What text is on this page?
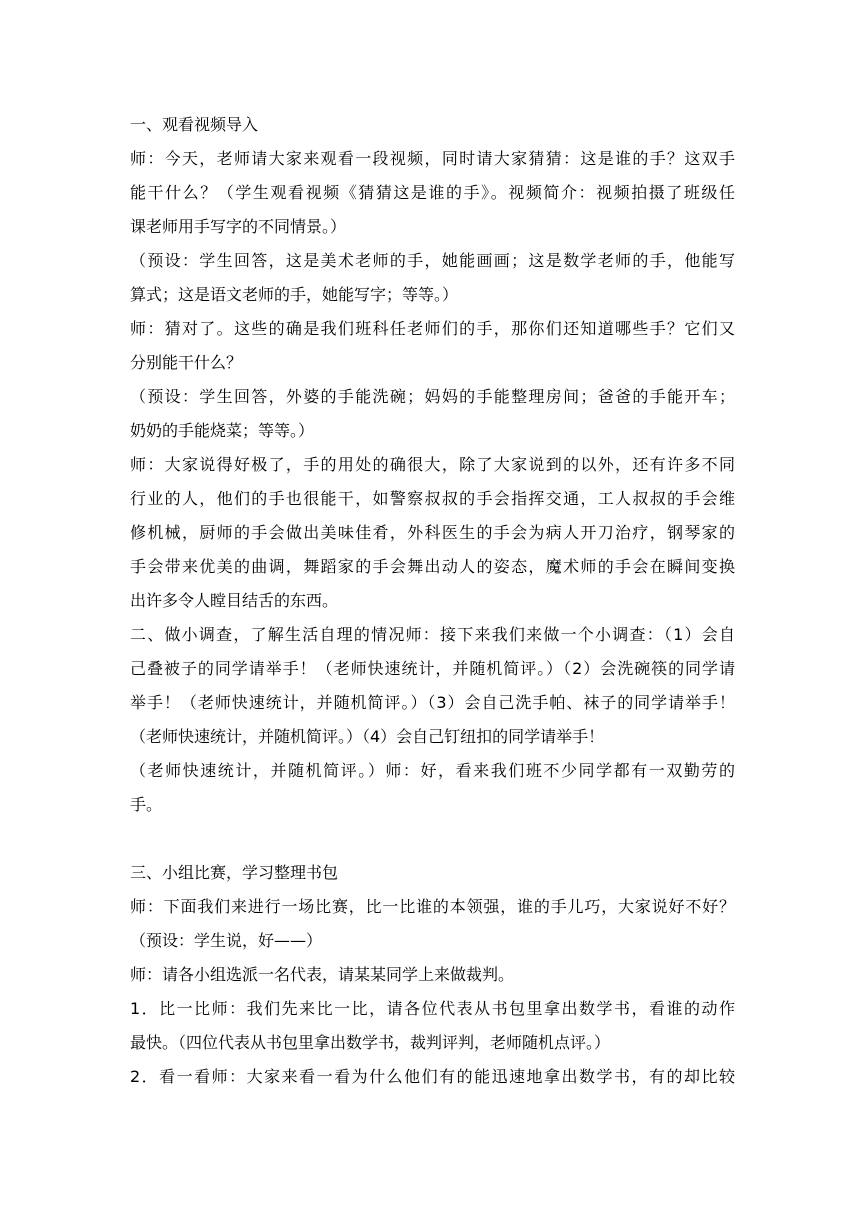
一、观看视频导入
师：今天，老师请大家来观看一段视频，同时请大家猜猜：这是谁的手？这双手
能干什么？（学生观看视频《猜猜这是谁的手》。视频简介：视频拍摄了班级任
课老师用手写字的不同情景。）
（预设：学生回答，这是美术老师的手，她能画画；这是数学老师的手，他能写
算式；这是语文老师的手，她能写字；等等。）
师：猜对了。这些的确是我们班科任老师们的手，那你们还知道哪些手？它们又
分别能干什么？
（预设：学生回答，外婆的手能洗碗；妈妈的手能整理房间；爸爸的手能开车；
奶奶的手能烧菜；等等。）
师：大家说得好极了，手的用处的确很大，除了大家说到的以外，还有许多不同
行业的人，他们的手也很能干，如警察叔叔的手会指挥交通，工人叔叔的手会维
修机械，厨师的手会做出美味佳肴，外科医生的手会为病人开刀治疗，钢琴家的
手会带来优美的曲调，舞蹈家的手会舞出动人的姿态，魔术师的手会在瞬间变换
出许多令人瞠目结舌的东西。
二、做小调查，了解生活自理的情况师：接下来我们来做一个小调查：（1）会自
己叠被子的同学请举手！（老师快速统计，并随机简评。）（2）会洗碗筷的同学请
举手！（老师快速统计，并随机简评。）（3）会自己洗手帕、袜子的同学请举手！
（老师快速统计，并随机简评。）（4）会自己钉纽扣的同学请举手！
（老师快速统计，并随机简评。）师：好，看来我们班不少同学都有一双勤劳的
手。
三、小组比赛，学习整理书包
师：下面我们来进行一场比赛，比一比谁的本领强，谁的手儿巧，大家说好不好？
（预设：学生说，好——）
师：请各小组选派一名代表，请某某同学上来做裁判。
1．比一比师：我们先来比一比，请各位代表从书包里拿出数学书，看谁的动作
最快。（四位代表从书包里拿出数学书，裁判评判，老师随机点评。）
2．看一看师：大家来看一看为什么他们有的能迅速地拿出数学书，有的却比较
